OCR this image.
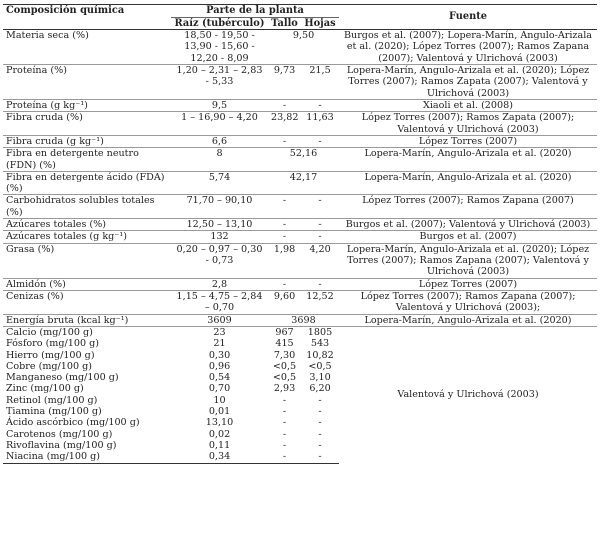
Composición química	Parte de la planta			Fuente
	Raíz (tubérculo)	Tallo	Hojas	
Materia seca (%)	18,50 - 19,50 - 13,90 - 15,60 - 12,20 - 8,09	9,50		Burgos et al. (2007); Lopera-Marín, Angulo-Arizala et al. (2020); López Torres (2007); Ramos Zapana (2007); Valentová y Ulrichová (2003)
Proteína (%)	1,20 – 2,31 – 2,83 - 5,33	9,73	21,5	Lopera-Marín, Angulo-Arizala et al. (2020); López Torres (2007); Ramos Zapata (2007); Valentová y Ulrichová (2003)
Proteína (g kg⁻¹)	9,5	-	-	Xiaoli et al. (2008)
Fibra cruda (%)	1 – 16,90 – 4,20	23,82	11,63	López Torres (2007); Ramos Zapata (2007); Valentová y Ulrichová (2003)
Fibra cruda (g kg⁻¹)	6,6	-	-	López Torres (2007)
Fibra en detergente neutro (FDN) (%)	8	52,16		Lopera-Marín, Angulo-Arizala et al. (2020)
Fibra en detergente ácido (FDA) (%)	5,74	42,17		Lopera-Marín, Angulo-Arizala et al. (2020)
Carbohidratos solubles totales (%)	71,70 – 90,10	-	-	López Torres (2007); Ramos Zapana (2007)
Azúcares totales (%)	12,50 – 13,10	-	-	Burgos et al. (2007); Valentová y Ulrichová (2003)
Azúcares totales (g kg⁻¹)	132	-	-	Burgos et al. (2007)
Grasa (%)	0,20 – 0,97 – 0,30 - 0,73	1,98	4,20	Lopera-Marín, Angulo-Arizala et al. (2020); López Torres (2007); Ramos Zapana (2007); Valentová y Ulrichová (2003)
Almidón (%)	2,8	-	-	López Torres (2007)
Cenizas (%)	1,15 – 4,75 – 2,84 – 0,70	9,60	12,52	López Torres (2007); Ramos Zapana (2007); Valentová y Ulrichová (2003);
Energía bruta (kcal kg⁻¹)	3609	3698		Lopera-Marín, Angulo-Arizala et al. (2020)
Calcio (mg/100 g)	23	967	1805	Valentová y Ulrichová (2003)
Fósforo (mg/100 g)	21	415	543	
Hierro (mg/100 g)	0,30	7,30	10,82	
Cobre (mg/100 g)	0,96	<0,5	<0,5	
Manganeso (mg/100 g)	0,54	<0,5	3,10	
Zinc (mg/100 g)	0,70	2,93	6,20	
Retinol (mg/100 g)	10	-	-	
Tiamina (mg/100 g)	0,01	-	-	
Ácido ascórbico (mg/100 g)	13,10	-	-	
Carotenos (mg/100 g)	0,02	-	-	
Rivoflavina (mg/100 g)	0,11	-	-	
Niacina (mg/100 g)	0,34	-	-	
